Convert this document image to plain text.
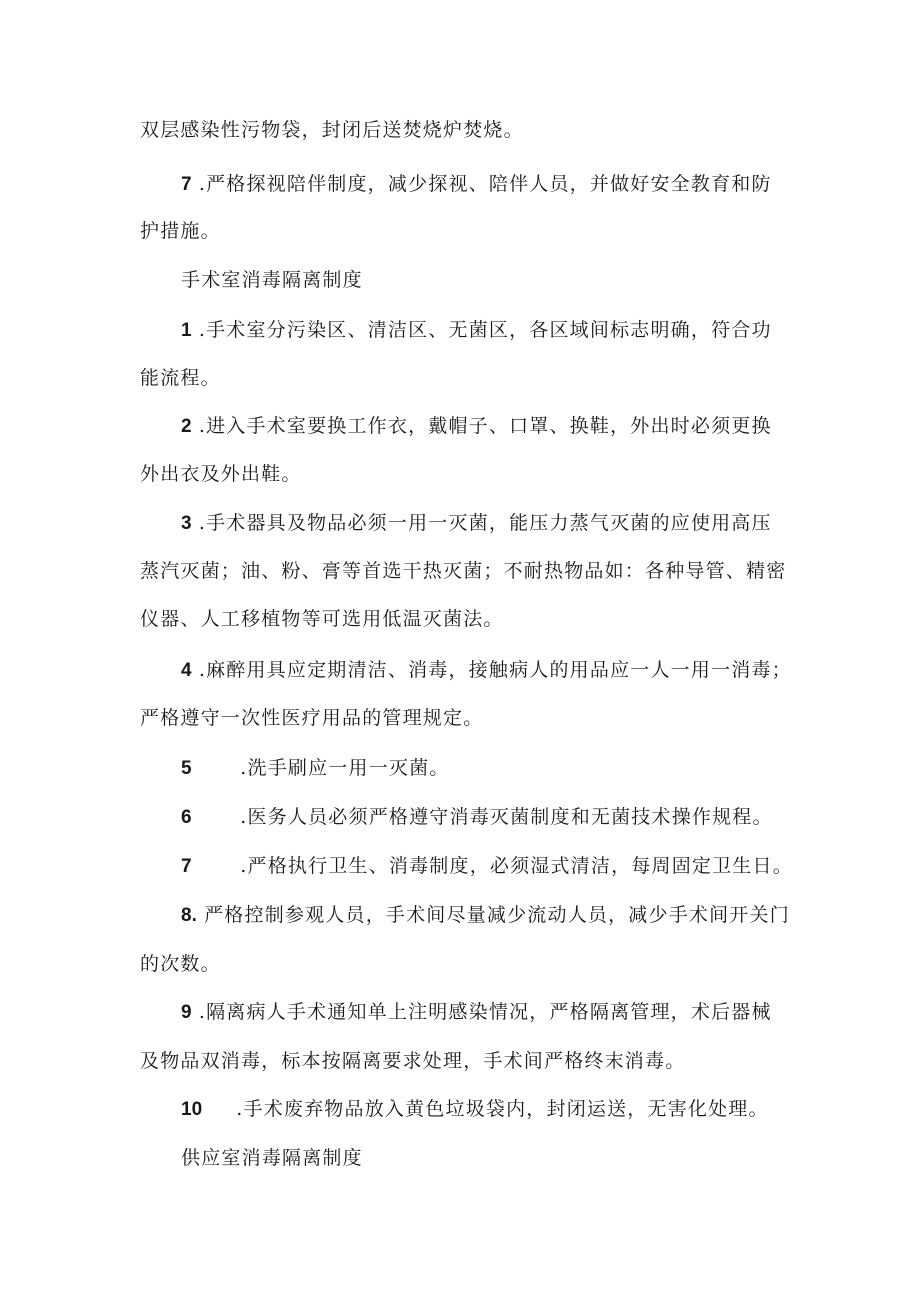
双层感染性污物袋，封闭后送焚烧炉焚烧。
7 .严格探视陪伴制度，减少探视、陪伴人员，并做好安全教育和防
护措施。
手术室消毒隔离制度
1 .手术室分污染区、清洁区、无菌区，各区域间标志明确，符合功
能流程。
2 .进入手术室要换工作衣，戴帽子、口罩、换鞋，外出时必须更换
外出衣及外出鞋。
3 .手术器具及物品必须一用一灭菌，能压力蒸气灭菌的应使用高压
蒸汽灭菌；油、粉、膏等首选干热灭菌；不耐热物品如：各种导管、精密
仪器、人工移植物等可选用低温灭菌法。
4 .麻醉用具应定期清洁、消毒，接触病人的用品应一人一用一消毒；
严格遵守一次性医疗用品的管理规定。
5	.洗手刷应一用一灭菌。
6	.医务人员必须严格遵守消毒灭菌制度和无菌技术操作规程。
7	.严格执行卫生、消毒制度，必须湿式清洁，每周固定卫生日。
8. 严格控制参观人员，手术间尽量减少流动人员，减少手术间开关门
的次数。
9 .隔离病人手术通知单上注明感染情况，严格隔离管理，术后器械
及物品双消毒，标本按隔离要求处理，手术间严格终末消毒。
10 .手术废弃物品放入黄色垃圾袋内，封闭运送，无害化处理。
供应室消毒隔离制度
